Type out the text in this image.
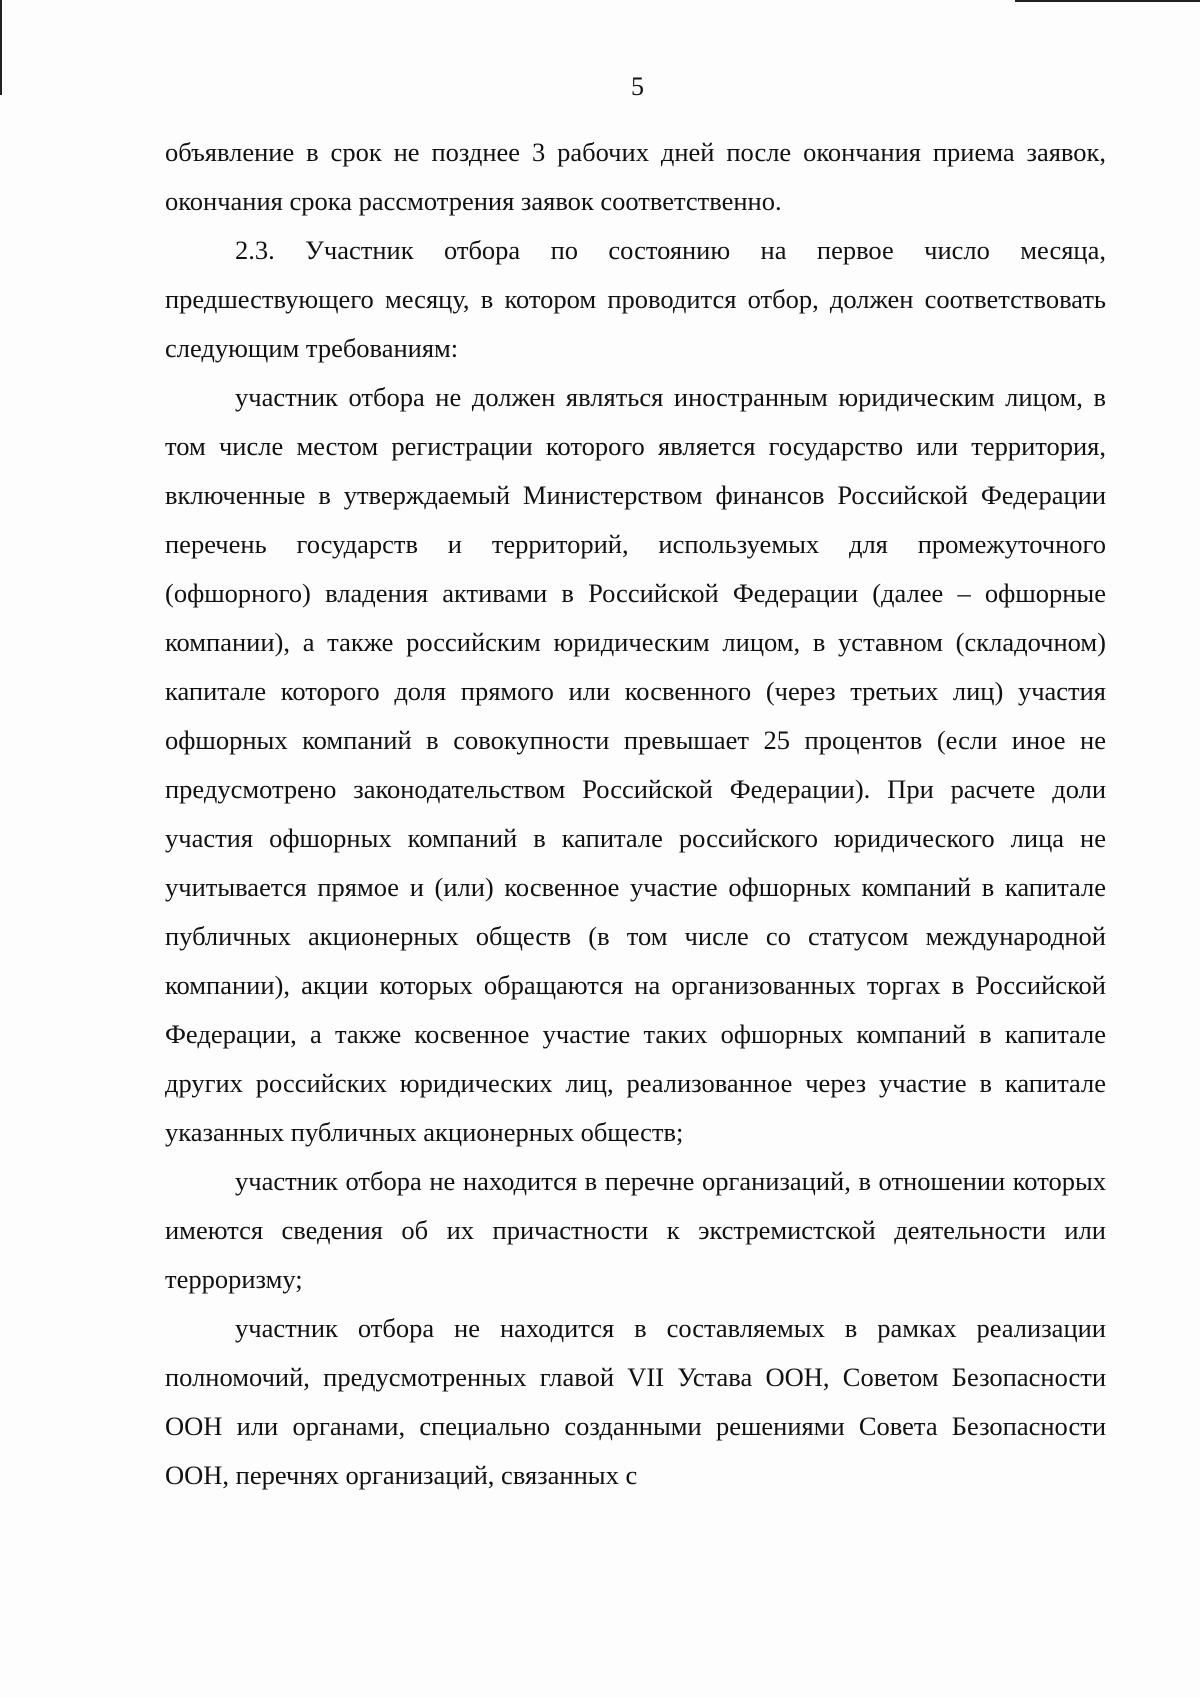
5

объявление в срок не позднее 3 рабочих дней после окончания приема заявок, окончания срока рассмотрения заявок соответственно.

2.3. Участник отбора по состоянию на первое число месяца, предшествующего месяцу, в котором проводится отбор, должен соответствовать следующим требованиям:

участник отбора не должен являться иностранным юридическим лицом, в том числе местом регистрации которого является государство или территория, включенные в утверждаемый Министерством финансов Российской Федерации перечень государств и территорий, используемых для промежуточного (офшорного) владения активами в Российской Федерации (далее – офшорные компании), а также российским юридическим лицом, в уставном (складочном) капитале которого доля прямого или косвенного (через третьих лиц) участия офшорных компаний в совокупности превышает 25 процентов (если иное не предусмотрено законодательством Российской Федерации). При расчете доли участия офшорных компаний в капитале российского юридического лица не учитывается прямое и (или) косвенное участие офшорных компаний в капитале публичных акционерных обществ (в том числе со статусом международной компании), акции которых обращаются на организованных торгах в Российской Федерации, а также косвенное участие таких офшорных компаний в капитале других российских юридических лиц, реализованное через участие в капитале указанных публичных акционерных обществ;

участник отбора не находится в перечне организаций, в отношении которых имеются сведения об их причастности к экстремистской деятельности или терроризму;

участник отбора не находится в составляемых в рамках реализации полномочий, предусмотренных главой VII Устава ООН, Советом Безопасности ООН или органами, специально созданными решениями Совета Безопасности ООН, перечнях организаций, связанных с
